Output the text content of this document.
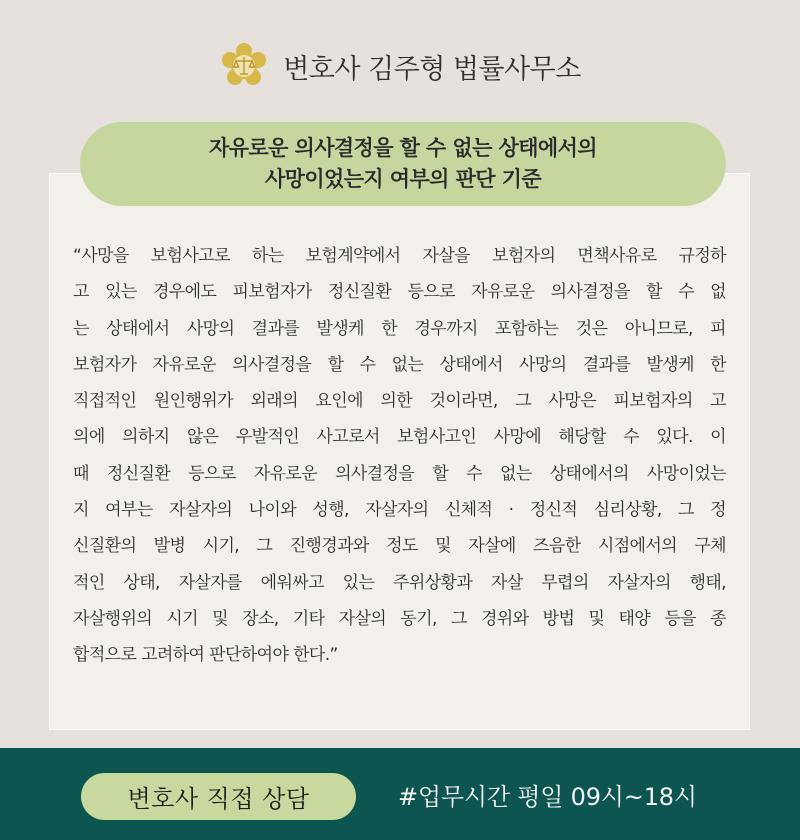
변호사 김주형 법률사무소
자유로운 의사결정을 할 수 없는 상태에서의
사망이었는지 여부의 판단 기준
“사망을 보험사고로 하는 보험계약에서 자살을 보험자의 면책사유로 규정하
고 있는 경우에도 피보험자가 정신질환 등으로 자유로운 의사결정을 할 수 없
는 상태에서 사망의 결과를 발생케 한 경우까지 포함하는 것은 아니므로, 피
보험자가 자유로운 의사결정을 할 수 없는 상태에서 사망의 결과를 발생케 한
직접적인 원인행위가 외래의 요인에 의한 것이라면, 그 사망은 피보험자의 고
의에 의하지 않은 우발적인 사고로서 보험사고인 사망에 해당할 수 있다. 이
때 정신질환 등으로 자유로운 의사결정을 할 수 없는 상태에서의 사망이었는
지 여부는 자살자의 나이와 성행, 자살자의 신체적 · 정신적 심리상황, 그 정
신질환의 발병 시기, 그 진행경과와 정도 및 자살에 즈음한 시점에서의 구체
적인 상태, 자살자를 에워싸고 있는 주위상황과 자살 무렵의 자살자의 행태,
자살행위의 시기 및 장소, 기타 자살의 동기, 그 경위와 방법 및 태양 등을 종
합적으로 고려하여 판단하여야 한다.”
변호사 직접 상담	#업무시간 평일 09시~18시
